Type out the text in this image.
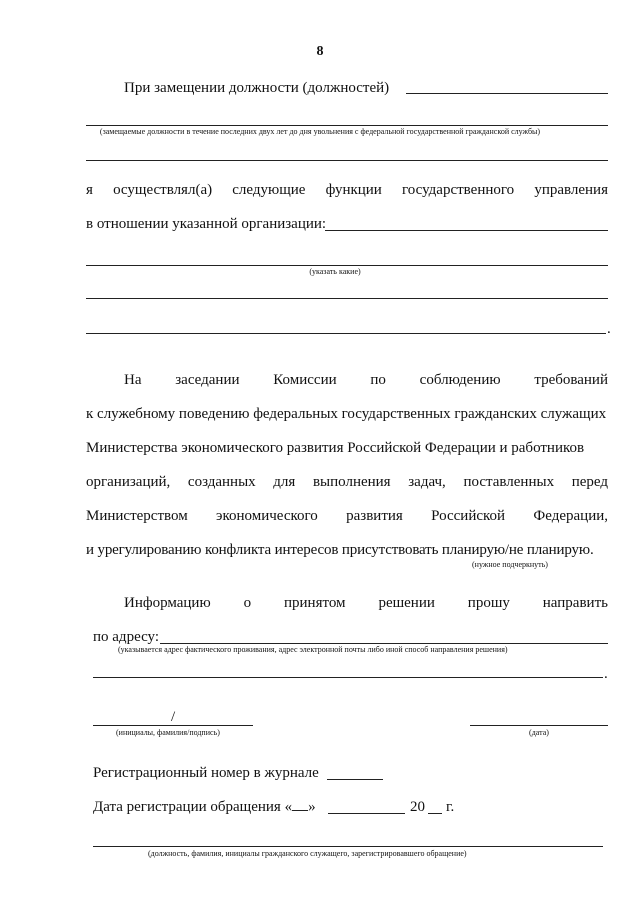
8
При замещении должности (должностей)
(замещаемые должности в течение последних двух лет до дня увольнения с федеральной государственной гражданской службы)
я осуществлял(а) следующие функции государственного управления
в отношении указанной организации:
(указать какие)
.
На заседании Комиссии по соблюдению требований
к служебному поведению федеральных государственных гражданских служащих
Министерства экономического развития Российской Федерации и работников
организаций, созданных для выполнения задач, поставленных перед
Министерством экономического развития Российской Федерации,
и урегулированию конфликта интересов присутствовать планирую/не планирую.
(нужное подчеркнуть)
Информацию о принятом решении прошу направить
по адресу:
(указывается адрес фактического проживания, адрес электронной почты либо иной способ направления решения)
.
/
(инициалы, фамилия/подпись)	(дата)
Регистрационный номер в журнале
Дата регистрации обращения « »	20 г.
(должность, фамилия, инициалы гражданского служащего, зарегистрировавшего обращение)
